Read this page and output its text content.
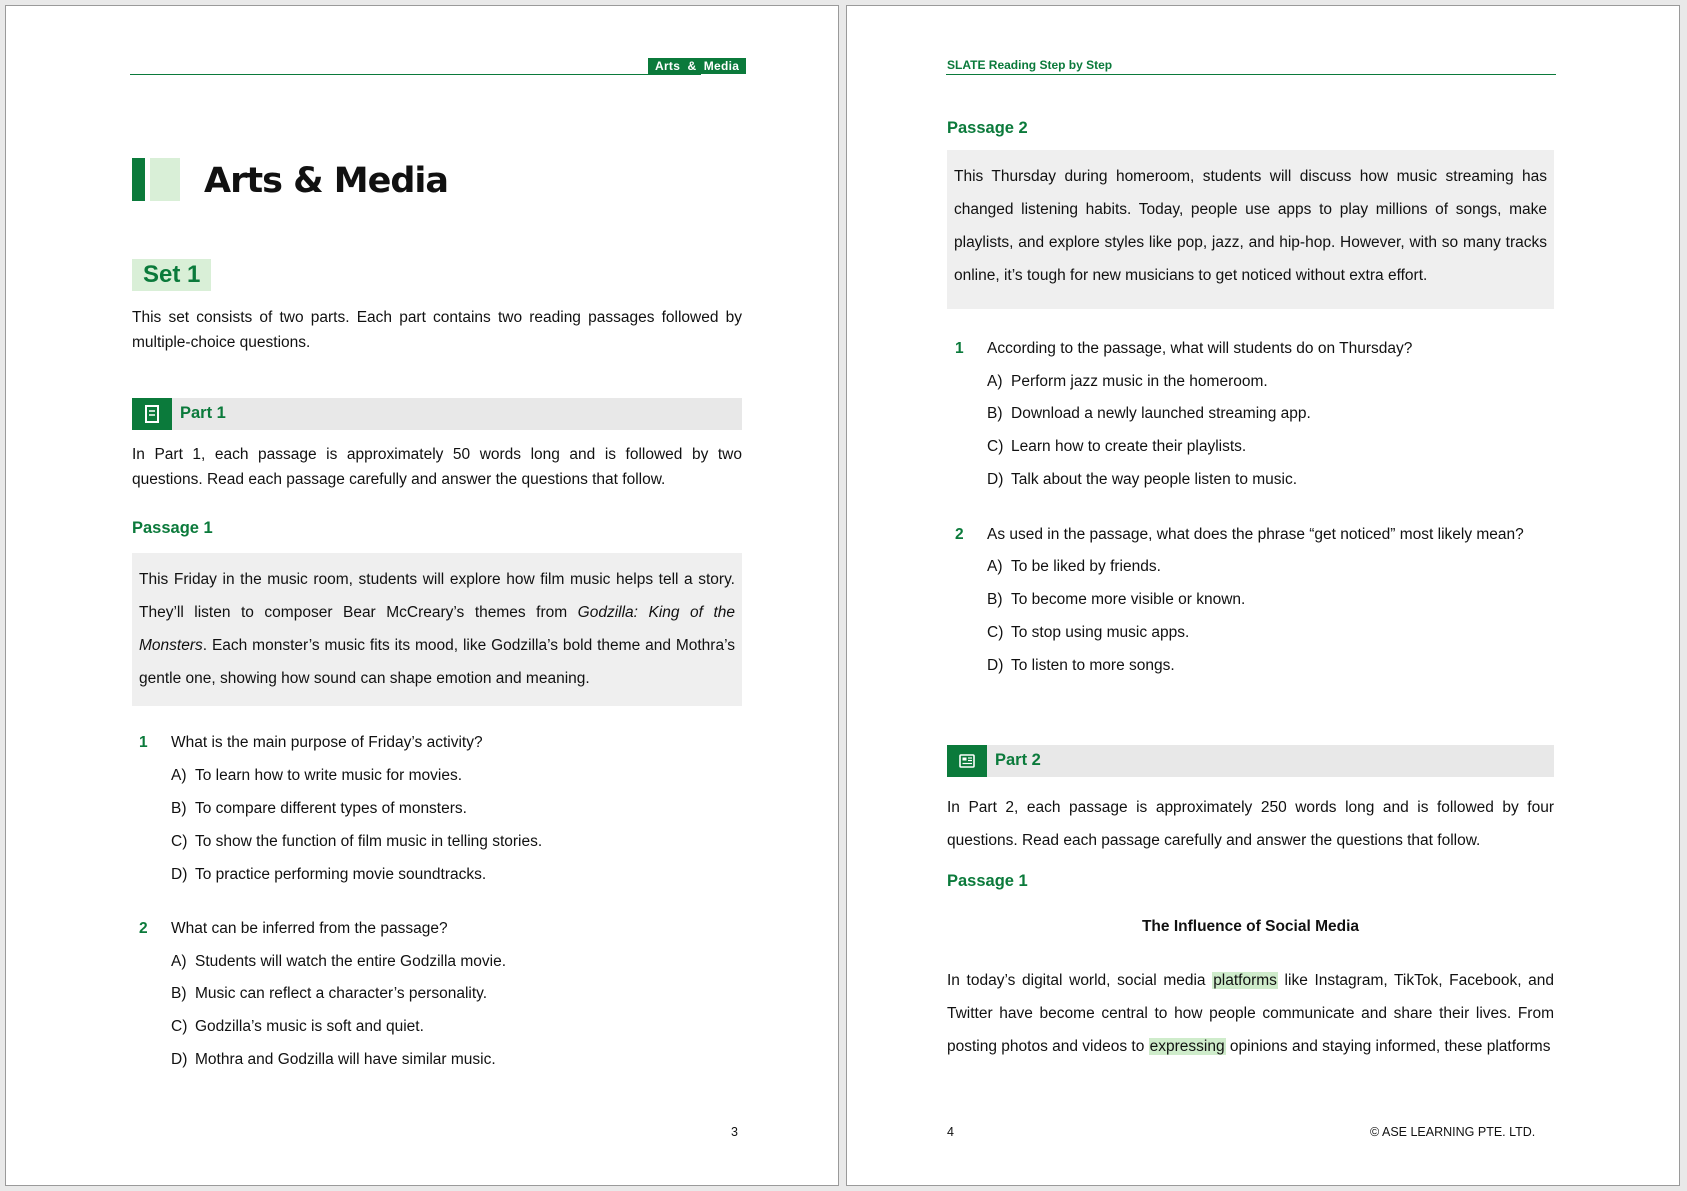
Arts  &  Media
Arts & Media
Set 1
This set consists of two parts. Each part contains two reading passages followed by multiple-choice questions.
Part 1
In Part 1, each passage is approximately 50 words long and is followed by two questions. Read each passage carefully and answer the questions that follow.
Passage 1
This Friday in the music room, students will explore how film music helps tell a story. They’ll listen to composer Bear McCreary’s themes from Godzilla: King of the Monsters. Each monster’s music fits its mood, like Godzilla’s bold theme and Mothra’s gentle one, showing how sound can shape emotion and meaning.
1 What is the main purpose of Friday’s activity?
A) To learn how to write music for movies.
B) To compare different types of monsters.
C) To show the function of film music in telling stories.
D) To practice performing movie soundtracks.
2 What can be inferred from the passage?
A) Students will watch the entire Godzilla movie.
B) Music can reflect a character’s personality.
C) Godzilla’s music is soft and quiet.
D) Mothra and Godzilla will have similar music.
3
SLATE Reading Step by Step
Passage 2
This Thursday during homeroom, students will discuss how music streaming has changed listening habits. Today, people use apps to play millions of songs, make playlists, and explore styles like pop, jazz, and hip-hop. However, with so many tracks online, it’s tough for new musicians to get noticed without extra effort.
1 According to the passage, what will students do on Thursday?
A) Perform jazz music in the homeroom.
B) Download a newly launched streaming app.
C) Learn how to create their playlists.
D) Talk about the way people listen to music.
2 As used in the passage, what does the phrase “get noticed” most likely mean?
A) To be liked by friends.
B) To become more visible or known.
C) To stop using music apps.
D) To listen to more songs.
Part 2
In Part 2, each passage is approximately 250 words long and is followed by four questions. Read each passage carefully and answer the questions that follow.
Passage 1
The Influence of Social Media
In today’s digital world, social media platforms like Instagram, TikTok, Facebook, and Twitter have become central to how people communicate and share their lives. From posting photos and videos to expressing opinions and staying informed, these platforms
4	© ASE LEARNING PTE. LTD.
